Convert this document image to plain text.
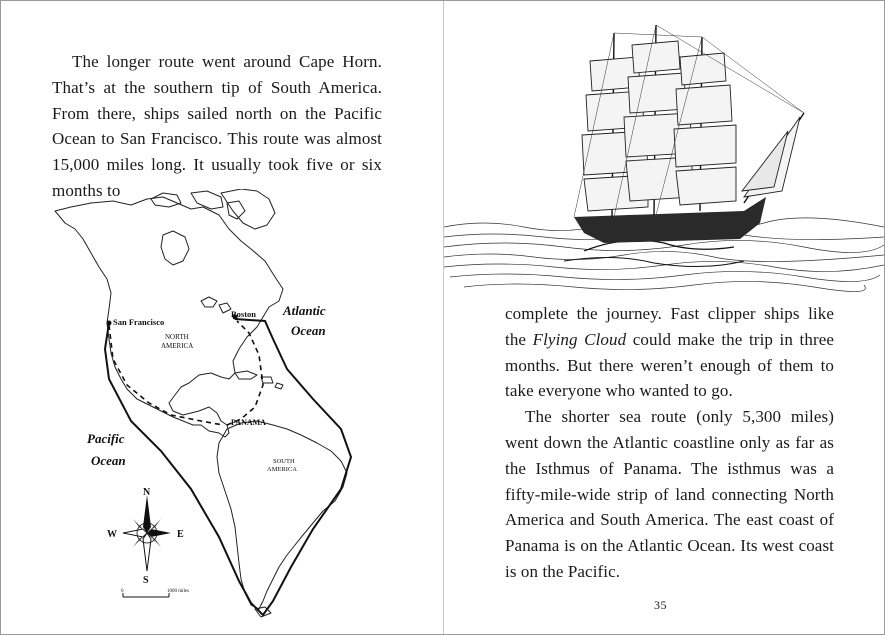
The longer route went around Cape Horn. That’s at the southern tip of South America. From there, ships sailed north on the Pacific Ocean to San Francisco. This route was almost 15,000 miles long. It usually took five or six months to

San Francisco
Boston Atlantic
Ocean
Pacific
Ocean
NORTH
AMERICA
PANAMA
SOUTH
AMERICA
N
S
W	E
0	1000 miles

complete the journey. Fast clipper ships like the Flying Cloud could make the trip in three months. But there weren’t enough of them to take everyone who wanted to go.

The shorter sea route (only 5,300 miles) went down the Atlantic coastline only as far as the Isthmus of Panama. The isthmus was a fifty-mile-wide strip of land connecting North America and South America. The east coast of Panama is on the Atlantic Ocean. Its west coast is on the Pacific.

35
